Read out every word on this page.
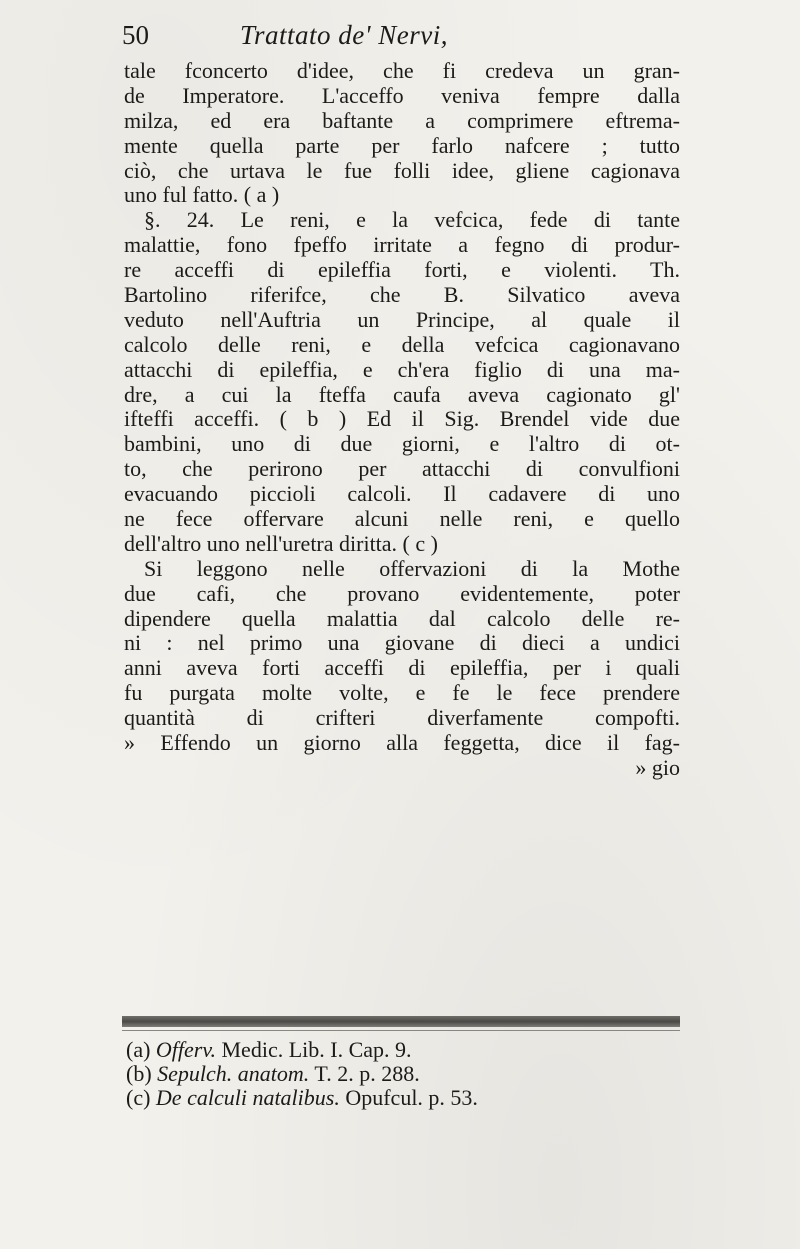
50	Trattato de' Nervi,
tale fconcerto d'idee, che fi credeva un gran-
de Imperatore. L'acceffo veniva fempre dalla
milza, ed era baftante a comprimere eftrema-
mente quella parte per farlo nafcere ; tutto
ciò, che urtava le fue folli idee, gliene cagionava
uno ful fatto. ( a )
§. 24. Le reni, e la vefcica, fede di tante
malattie, fono fpeffo irritate a fegno di produr-
re acceffi di epileffia forti, e violenti. Th.
Bartolino riferifce, che B. Silvatico aveva
veduto nell'Auftria un Principe, al quale il
calcolo delle reni, e della vefcica cagionavano
attacchi di epileffia, e ch'era figlio di una ma-
dre, a cui la fteffa caufa aveva cagionato gl'
ifteffi acceffi. ( b ) Ed il Sig. Brendel vide due
bambini, uno di due giorni, e l'altro di ot-
to, che perirono per attacchi di convulfioni
evacuando piccioli calcoli. Il cadavere di uno
ne fece offervare alcuni nelle reni, e quello
dell'altro uno nell'uretra diritta. ( c )
Si leggono nelle offervazioni di la Mothe
due cafi, che provano evidentemente, poter
dipendere quella malattia dal calcolo delle re-
ni : nel primo una giovane di dieci a undici
anni aveva forti acceffi di epileffia, per i quali
fu purgata molte volte, e fe le fece prendere
quantità di crifteri diverfamente compofti.
» Effendo un giorno alla feggetta, dice il fag-
» gio
(a) Offerv. Medic. Lib. I. Cap. 9.
(b) Sepulch. anatom. T. 2. p. 288.
(c) De calculi natalibus. Opufcul. p. 53.
